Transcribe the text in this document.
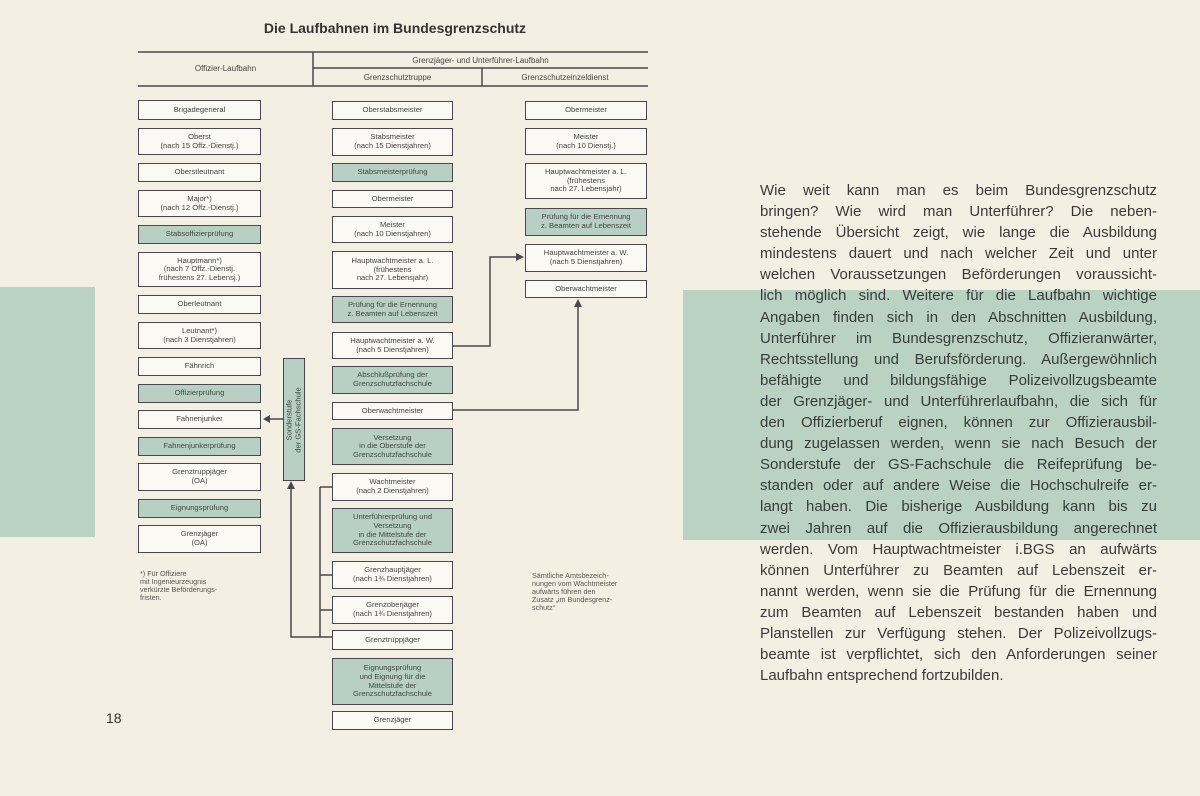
Die Laufbahnen im Bundesgrenzschutz
Offizier-Laufbahn
Grenzjäger- und Unterführer-Laufbahn
Grenzschutztruppe	Grenzschutzeinzeldienst
Brigadegeneral
Oberst
(nach 15 Offz.-Dienstj.)
Oberstleutnant
Major*)
(nach 12 Offz.-Dienstj.)
Stabsoffizierprüfung
Hauptmann*)
(nach 7 Offz.-Dienstj.
frühestens 27. Lebensj.)
Oberleutnant
Leutnant*)
(nach 3 Dienstjahren)
Fähnrich
Offizierprüfung
Fahnenjunker
Fahnenjunkerprüfung
Grenztruppjäger
(OA)
Eignungsprüfung
Grenzjäger
(OA)
Sonderstufe
der GS-Fachschule
Oberstabsmeister
Stabsmeister
(nach 15 Dienstjahren)
Stabsmeisterprüfung
Obermeister
Meister
(nach 10 Dienstjahren)
Hauptwachtmeister a. L.
(frühestens
nach 27. Lebensjahr)
Prüfung für die Ernennung
z. Beamten auf Lebenszeit
Hauptwachtmeister a. W.
(nach 5 Dienstjahren)
Abschlußprüfung der
Grenzschutzfachschule
Oberwachtmeister
Versetzung
in die Oberstufe der
Grenzschutzfachschule
Wachtmeister
(nach 2 Dienstjahren)
Unterführerprüfung und
Versetzung
in die Mittelstufe der
Grenzschutzfachschule
Grenzhauptjäger
(nach 1¾ Dienstjahren)
Grenzoberjäger
(nach 1¾ Dienstjahren)
Grenztruppjäger
Eignungsprüfung
und Eignung für die
Mittelstufe der
Grenzschutzfachschule
Grenzjäger
Obermeister
Meister
(nach 10 Dienstj.)
Hauptwachtmeister a. L.
(frühestens
nach 27. Lebensjahr)
Prüfung für die Ernennung
z. Beamten auf Lebenszeit
Hauptwachtmeister a. W.
(nach 5 Dienstjahren)
Oberwachtmeister
*) Für Offiziere
mit Ingenieurzeugnis
verkürzte Beförderungs-
fristen.
Sämtliche Amtsbezeich-
nungen vom Wachtmeister
aufwärts führen den
Zusatz „im Bundesgrenz-
schutz“
18
Wie weit kann man es beim Bundesgrenzschutz
bringen? Wie wird man Unterführer? Die neben-
stehende Übersicht zeigt, wie lange die Ausbildung
mindestens dauert und nach welcher Zeit und unter
welchen Voraussetzungen Beförderungen voraussicht-
lich möglich sind. Weitere für die Laufbahn wichtige
Angaben finden sich in den Abschnitten Ausbildung,
Unterführer im Bundesgrenzschutz, Offizieranwärter,
Rechtsstellung und Berufsförderung. Außergewöhnlich
befähigte und bildungsfähige Polizeivollzugsbeamte
der Grenzjäger- und Unterführerlaufbahn, die sich für
den Offizierberuf eignen, können zur Offizierausbil-
dung zugelassen werden, wenn sie nach Besuch der
Sonderstufe der GS-Fachschule die Reifeprüfung be-
standen oder auf andere Weise die Hochschulreife er-
langt haben. Die bisherige Ausbildung kann bis zu
zwei Jahren auf die Offizierausbildung angerechnet
werden. Vom Hauptwachtmeister i.BGS an aufwärts
können Unterführer zu Beamten auf Lebenszeit er-
nannt werden, wenn sie die Prüfung für die Ernennung
zum Beamten auf Lebenszeit bestanden haben und
Planstellen zur Verfügung stehen. Der Polizeivollzugs-
beamte ist verpflichtet, sich den Anforderungen seiner
Laufbahn entsprechend fortzubilden.
